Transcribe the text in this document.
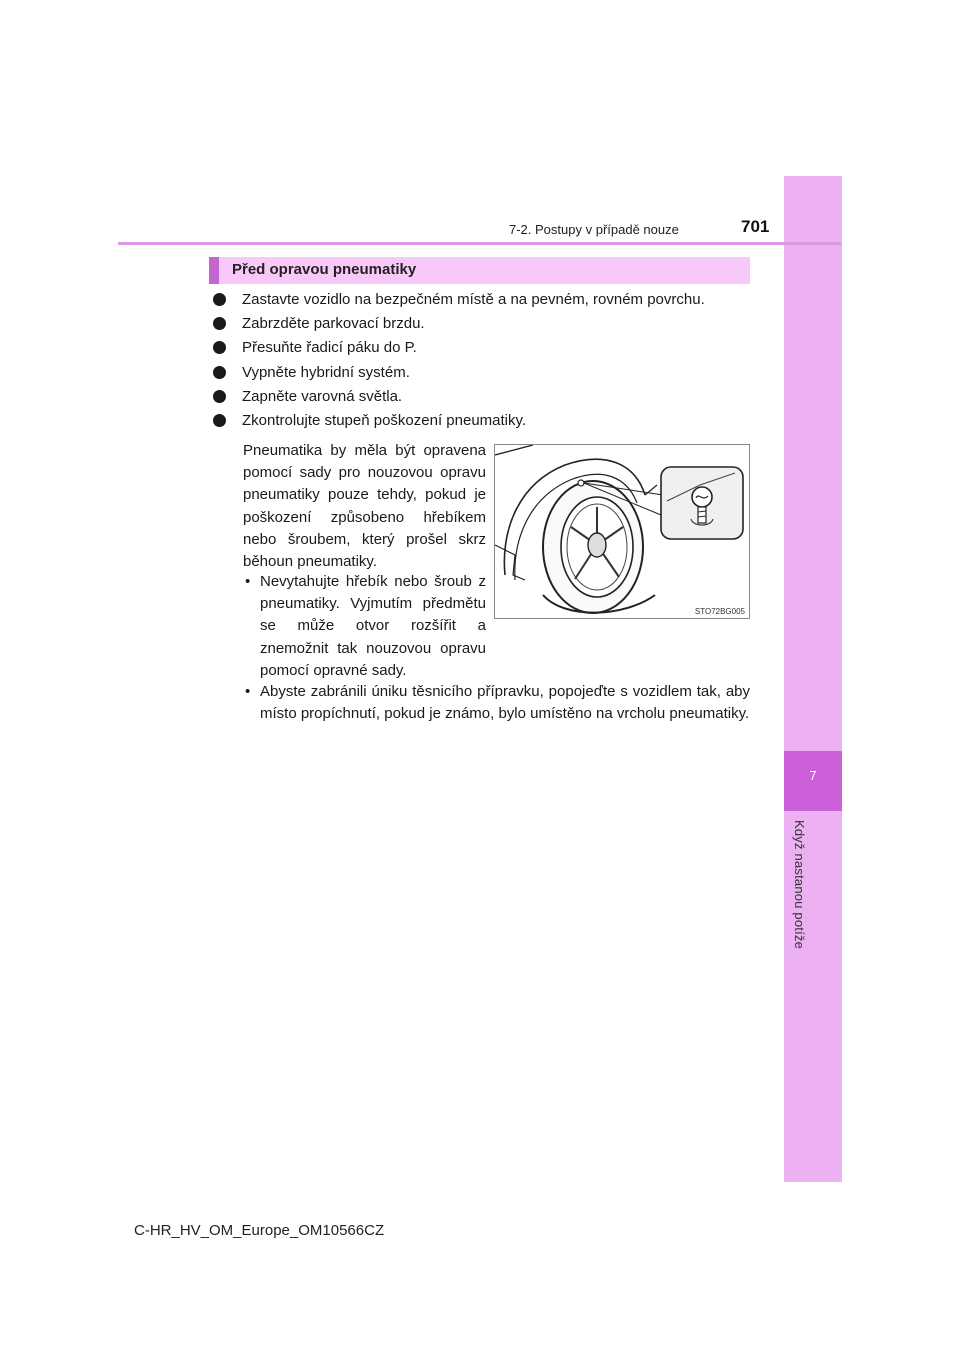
7
Když nastanou potíže
7-2. Postupy v případě nouze	701
Před opravou pneumatiky
Zastavte vozidlo na bezpečném místě a na pevném, rovném povrchu.
Zabrzděte parkovací brzdu.
Přesuňte řadicí páku do P.
Vypněte hybridní systém.
Zapněte varovná světla.
Zkontrolujte stupeň poškození pneumatiky.

Pneumatika by měla být opravena pomocí sady pro nouzovou opravu pneumatiky pouze tehdy, pokud je poškození způsobeno hřebíkem nebo šroubem, který prošel skrz běhoun pneumatiky.

• Nevytahujte hřebík nebo šroub z pneumatiky. Vyjmutím předmětu se může otvor rozšířit a znemožnit tak nouzovou opravu pomocí opravné sady.
• Abyste zabránili úniku těsnicího přípravku, popojeďte s vozidlem tak, aby místo propíchnutí, pokud je známo, bylo umístěno na vrcholu pneumatiky.
STO72BG005
C-HR_HV_OM_Europe_OM10566CZ
